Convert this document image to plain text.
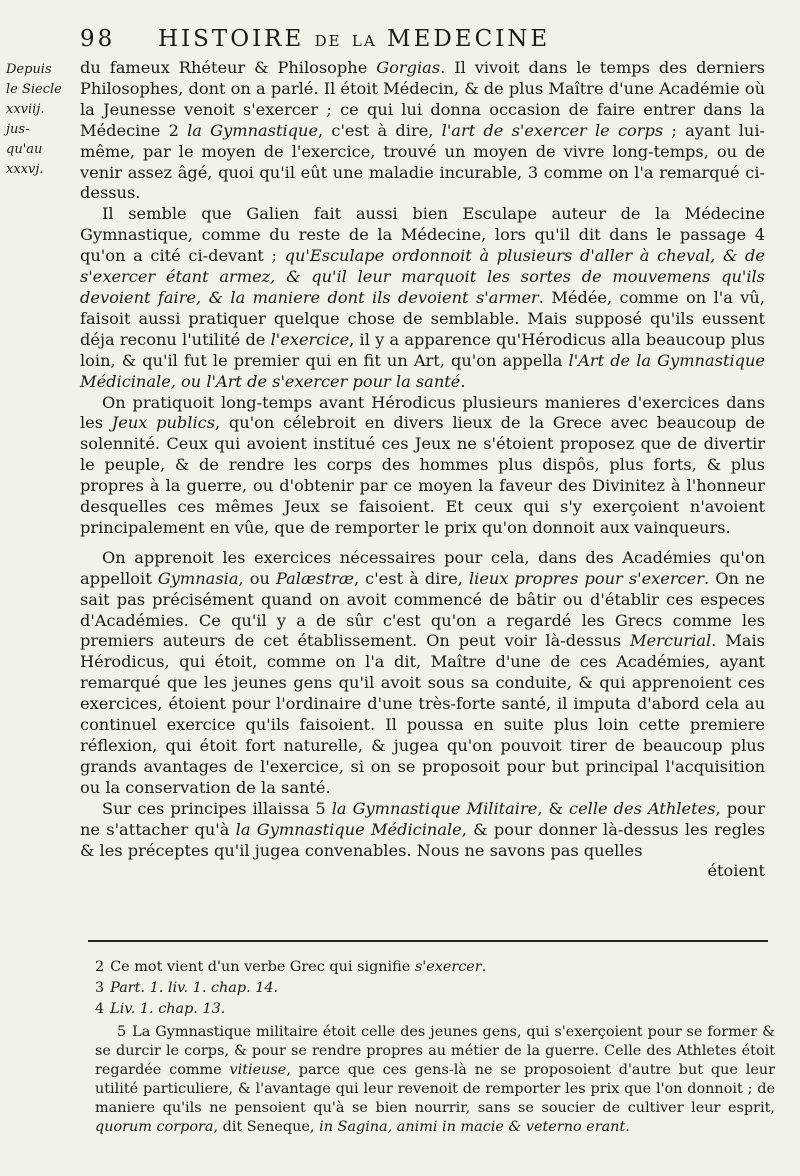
98 HISTOIRE DE LA MEDECINE
Depuis
le Siecle
xxviij.
jus-
qu'au
xxxvj.

du fameux Rhéteur & Philosophe Gorgias. Il vivoit dans le temps des derniers Philosophes, dont on a parlé. Il étoit Médecin, & de plus Maître d'une Académie où la Jeunesse venoit s'exercer ; ce qui lui donna occasion de faire entrer dans la Médecine 2 la Gymnastique, c'est à dire, l'art de s'exercer le corps ; ayant lui-même, par le moyen de l'exercice, trouvé un moyen de vivre long-temps, ou de venir assez âgé, quoi qu'il eût une maladie incurable, 3 comme on l'a remarqué ci-dessus.

Il semble que Galien fait aussi bien Esculape auteur de la Médecine Gymnastique, comme du reste de la Médecine, lors qu'il dit dans le passage 4 qu'on a cité ci-devant ; qu'Esculape ordonnoit à plusieurs d'aller à cheval, & de s'exercer étant armez, & qu'il leur marquoit les sortes de mouvemens qu'ils devoient faire, & la maniere dont ils devoient s'armer. Médée, comme on l'a vû, faisoit aussi pratiquer quelque chose de semblable. Mais supposé qu'ils eussent déja reconu l'utilité de l'exercice, il y a apparence qu'Hérodicus alla beaucoup plus loin, & qu'il fut le premier qui en fit un Art, qu'on appella l'Art de la Gymnastique Médicinale, ou l'Art de s'exercer pour la santé.

On pratiquoit long-temps avant Hérodicus plusieurs manieres d'exercices dans les Jeux publics, qu'on célebroit en divers lieux de la Grece avec beaucoup de solennité. Ceux qui avoient institué ces Jeux ne s'étoient proposez que de divertir le peuple, & de rendre les corps des hommes plus dispôs, plus forts, & plus propres à la guerre, ou d'obtenir par ce moyen la faveur des Divinitez à l'honneur desquelles ces mêmes Jeux se faisoient. Et ceux qui s'y exerçoient n'avoient principalement en vûe, que de remporter le prix qu'on donnoit aux vainqueurs.

On apprenoit les exercices nécessaires pour cela, dans des Académies qu'on appelloit Gymnasia, ou Palæstræ, c'est à dire, lieux propres pour s'exercer. On ne sait pas précisément quand on avoit commencé de bâtir ou d'établir ces especes d'Académies. Ce qu'il y a de sûr c'est qu'on a regardé les Grecs comme les premiers auteurs de cet établissement. On peut voir là-dessus Mercurial. Mais Hérodicus, qui étoit, comme on l'a dit, Maître d'une de ces Académies, ayant remarqué que les jeunes gens qu'il avoit sous sa conduite, & qui apprenoient ces exercices, étoient pour l'ordinaire d'une très-forte santé, il imputa d'abord cela au continuel exercice qu'ils faisoient. Il poussa en suite plus loin cette premiere réflexion, qui étoit fort naturelle, & jugea qu'on pouvoit tirer de beaucoup plus grands avantages de l'exercice, si on se proposoit pour but principal l'acquisition ou la conservation de la santé.

Sur ces principes illaissa 5 la Gymnastique Militaire, & celle des Athletes, pour ne s'attacher qu'à la Gymnastique Médicinale, & pour donner là-dessus les regles & les préceptes qu'il jugea convenables. Nous ne savons pas quelles
étoient

2 Ce mot vient d'un verbe Grec qui signifie s'exercer.

3 Part. 1. liv. 1. chap. 14.

4 Liv. 1. chap. 13.

5 La Gymnastique militaire étoit celle des jeunes gens, qui s'exerçoient pour se former & se durcir le corps, & pour se rendre propres au métier de la guerre. Celle des Athletes étoit regardée comme vitieuse, parce que ces gens-là ne se proposoient d'autre but que leur utilité particuliere, & l'avantage qui leur revenoit de remporter les prix que l'on donnoit ; de maniere qu'ils ne pensoient qu'à se bien nourrir, sans se soucier de cultiver leur esprit, quorum corpora, dit Seneque, in Sagina, animi in macie & veterno erant.
